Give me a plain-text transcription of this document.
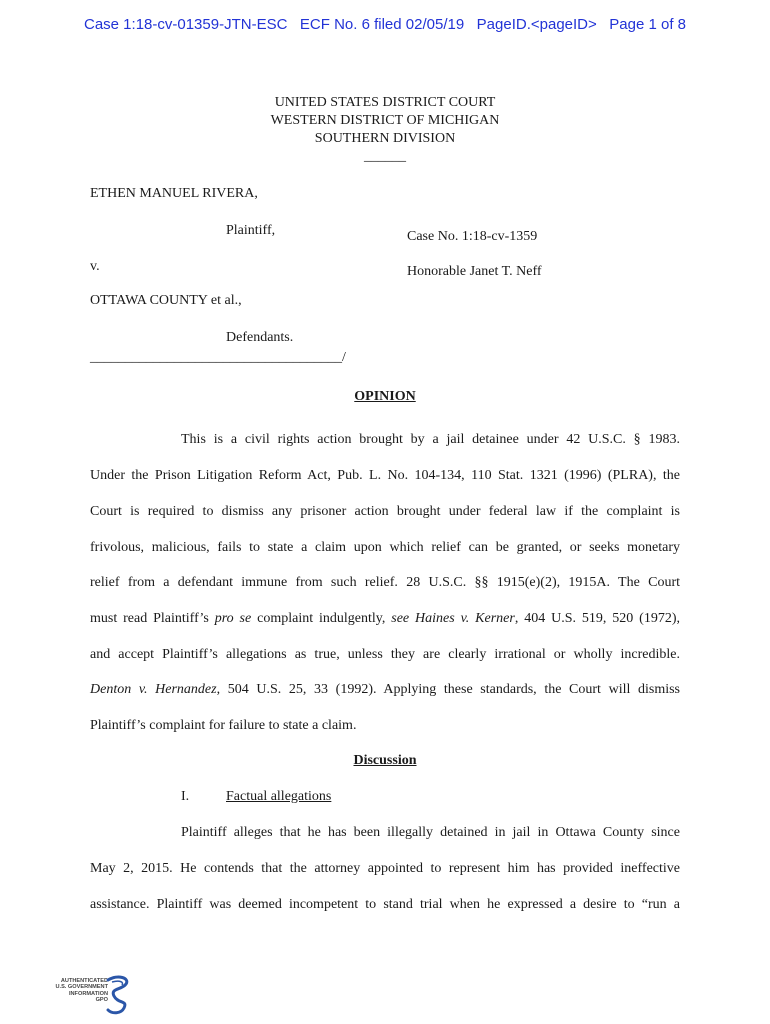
Case 1:18-cv-01359-JTN-ESC   ECF No. 6 filed 02/05/19   PageID.<pageID>   Page 1 of 8
UNITED STATES DISTRICT COURT
WESTERN DISTRICT OF MICHIGAN
SOUTHERN DIVISION
______
ETHEN MANUEL RIVERA,
Plaintiff,	Case No. 1:18-cv-1359
v.	Honorable Janet T. Neff
OTTAWA COUNTY et al.,
Defendants.
____________________________________/
OPINION
This is a civil rights action brought by a jail detainee under 42 U.S.C. § 1983.
Under the Prison Litigation Reform Act, Pub. L. No. 104-134, 110 Stat. 1321 (1996) (PLRA), the
Court is required to dismiss any prisoner action brought under federal law if the complaint is
frivolous, malicious, fails to state a claim upon which relief can be granted, or seeks monetary
relief from a defendant immune from such relief. 28 U.S.C. §§ 1915(e)(2), 1915A. The Court
must read Plaintiff’s pro se complaint indulgently, see Haines v. Kerner, 404 U.S. 519, 520 (1972),
and accept Plaintiff’s allegations as true, unless they are clearly irrational or wholly incredible.
Denton v. Hernandez, 504 U.S. 25, 33 (1992). Applying these standards, the Court will dismiss
Plaintiff’s complaint for failure to state a claim.
Discussion
I.	Factual allegations
Plaintiff alleges that he has been illegally detained in jail in Ottawa County since
May 2, 2015. He contends that the attorney appointed to represent him has provided ineffective
assistance. Plaintiff was deemed incompetent to stand trial when he expressed a desire to “run a
AUTHENTICATED
U.S. GOVERNMENT
INFORMATION
GPO
